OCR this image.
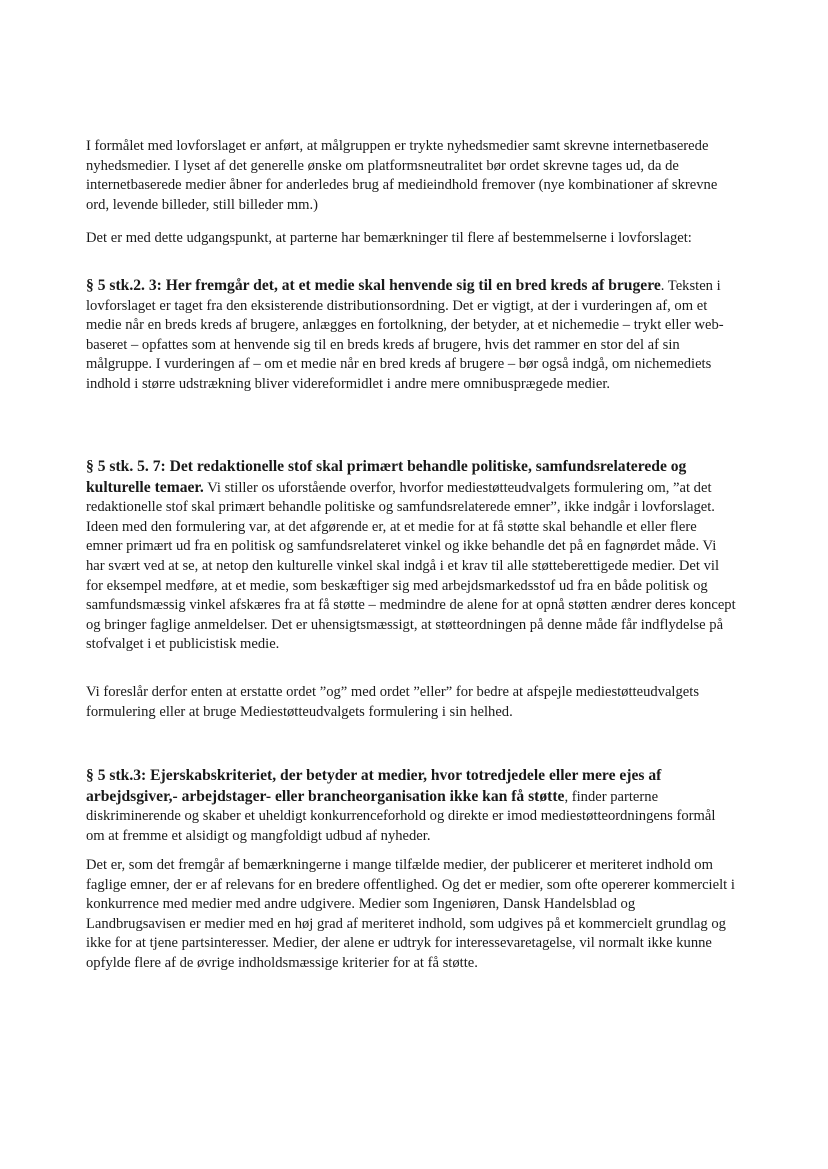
I formålet med lovforslaget er anført, at målgruppen er trykte nyhedsmedier samt skrevne internetbaserede nyhedsmedier. I lyset af det generelle ønske om platformsneutralitet bør ordet skrevne tages ud, da de internetbaserede medier åbner for anderledes brug af medieindhold fremover (nye kombinationer af skrevne ord, levende billeder, still billeder mm.)

Det er med dette udgangspunkt, at parterne har bemærkninger til flere af bestemmelserne i lovforslaget:

§ 5 stk.2. 3: Her fremgår det, at et medie skal henvende sig til en bred kreds af brugere. Teksten i lovforslaget er taget fra den eksisterende distributionsordning. Det er vigtigt, at der i vurderingen af, om et medie når en breds kreds af brugere, anlægges en fortolkning, der betyder, at et nichemedie – trykt eller web-baseret – opfattes som at henvende sig til en breds kreds af brugere, hvis det rammer en stor del af sin målgruppe. I vurderingen af – om et medie når en bred kreds af brugere – bør også indgå, om nichemediets indhold i større udstrækning bliver videreformidlet i andre mere omnibusprægede medier.

§ 5 stk. 5. 7: Det redaktionelle stof skal primært behandle politiske, samfundsrelaterede og kulturelle temaer. Vi stiller os uforstående overfor, hvorfor mediestøtteudvalgets formulering om, ”at det redaktionelle stof skal primært behandle politiske og samfundsrelaterede emner”, ikke indgår i lovforslaget. Ideen med den formulering var, at det afgørende er, at et medie for at få støtte skal behandle et eller flere emner primært ud fra en politisk og samfundsrelateret vinkel og ikke behandle det på en fagnørdet måde. Vi har svært ved at se, at netop den kulturelle vinkel skal indgå i et krav til alle støtteberettigede medier. Det vil for eksempel medføre, at et medie, som beskæftiger sig med arbejdsmarkedsstof ud fra en både politisk og samfundsmæssig vinkel afskæres fra at få støtte – medmindre de alene for at opnå støtten ændrer deres koncept og bringer faglige anmeldelser. Det er uhensigtsmæssigt, at støtteordningen på denne måde får indflydelse på stofvalget i et publicistisk medie.

Vi foreslår derfor enten at erstatte ordet ”og” med ordet ”eller” for bedre at afspejle mediestøtteudvalgets formulering eller at bruge Mediestøtteudvalgets formulering i sin helhed.

§ 5 stk.3: Ejerskabskriteriet, der betyder at medier, hvor totredjedele eller mere ejes af arbejdsgiver,- arbejdstager- eller brancheorganisation ikke kan få støtte, finder parterne diskriminerende og skaber et uheldigt konkurrenceforhold og direkte er imod mediestøtteordningens formål om at fremme et alsidigt og mangfoldigt udbud af nyheder.

Det er, som det fremgår af bemærkningerne i mange tilfælde medier, der publicerer et meriteret indhold om faglige emner, der er af relevans for en bredere offentlighed. Og det er medier, som ofte opererer kommercielt i konkurrence med medier med andre udgivere. Medier som Ingeniøren, Dansk Handelsblad og Landbrugsavisen er medier med en høj grad af meriteret indhold, som udgives på et kommercielt grundlag og ikke for at tjene partsinteresser. Medier, der alene er udtryk for interessevaretagelse, vil normalt ikke kunne opfylde flere af de øvrige indholdsmæssige kriterier for at få støtte.
